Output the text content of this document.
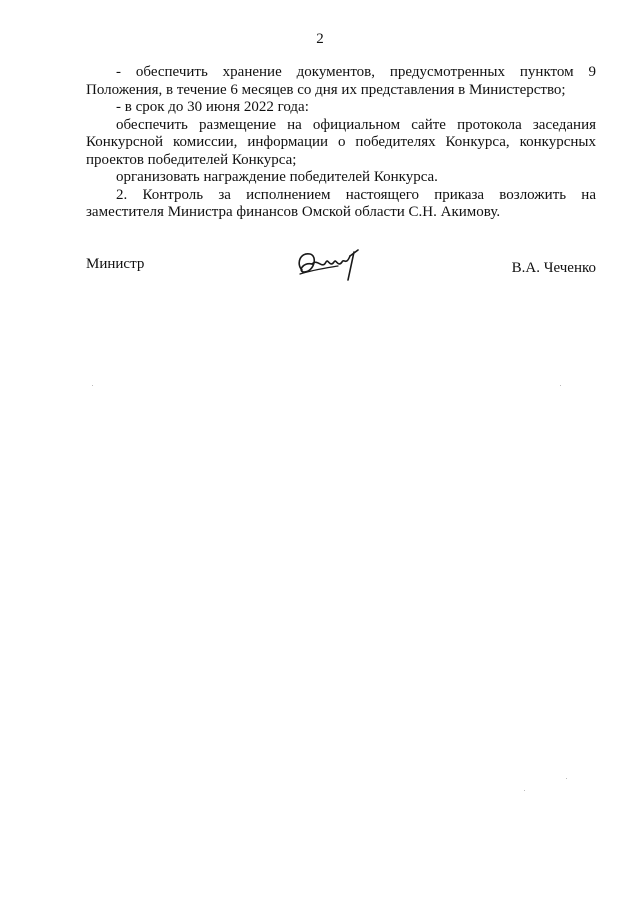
2

- обеспечить хранение документов, предусмотренных пунктом 9 Положения, в течение 6 месяцев со дня их представления в Министерство;

- в срок до 30 июня 2022 года:

обеспечить размещение на официальном сайте протокола заседания Конкурсной комиссии, информации о победителях Конкурса, конкурсных проектов победителей Конкурса;

организовать награждение победителей Конкурса.

2. Контроль за исполнением настоящего приказа возложить на заместителя Министра финансов Омской области С.Н. Акимову.

Министр	В.А. Чеченко
